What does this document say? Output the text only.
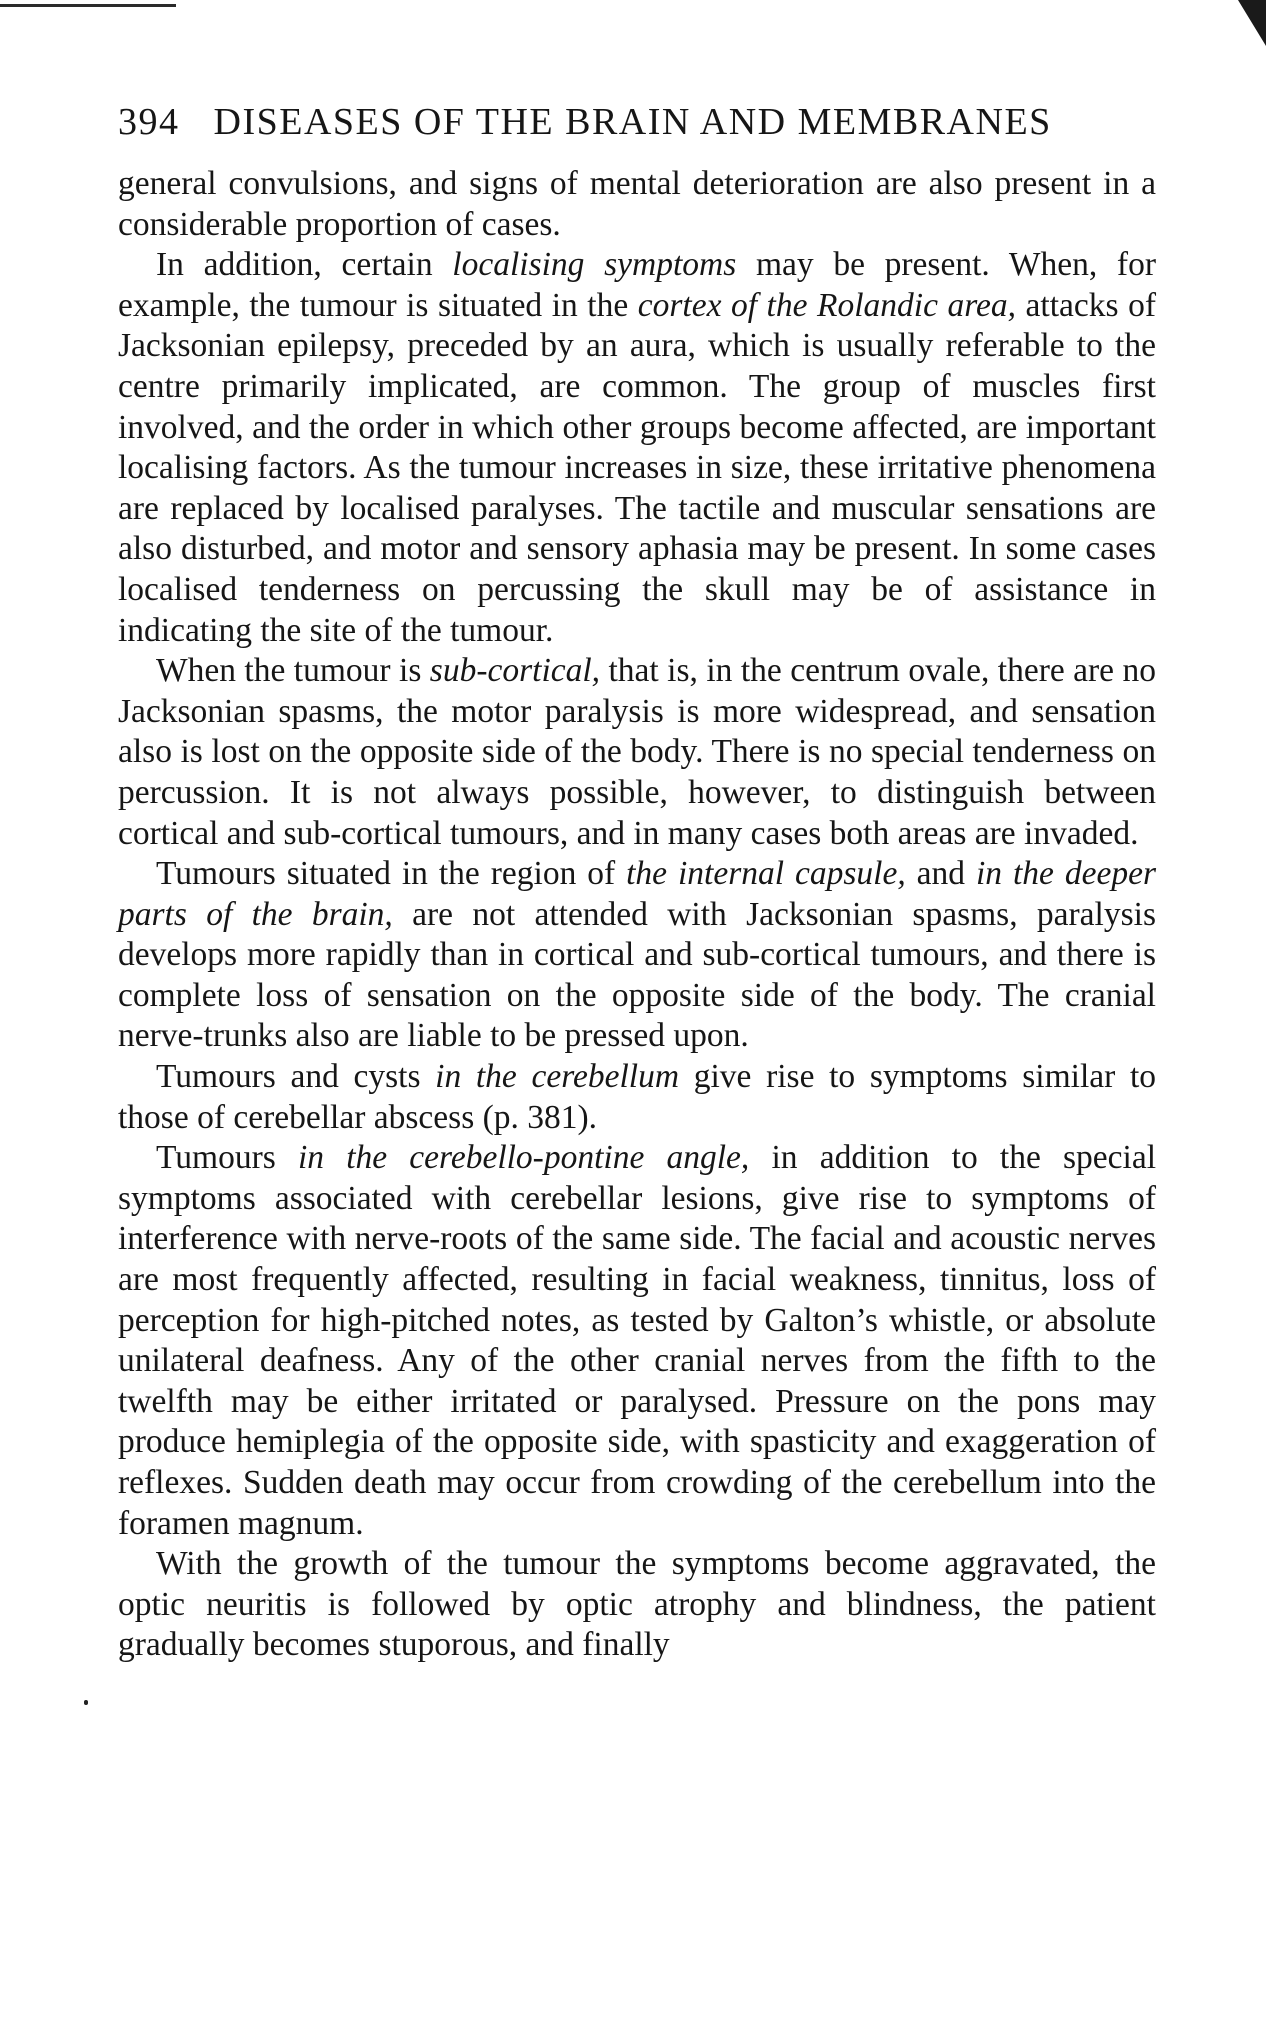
394 DISEASES OF THE BRAIN AND MEMBRANES

general convulsions, and signs of mental deterioration are also present in a considerable proportion of cases.

In addition, certain localising symptoms may be present. When, for example, the tumour is situated in the cortex of the Rolandic area, attacks of Jacksonian epilepsy, preceded by an aura, which is usually referable to the centre primarily implicated, are common. The group of muscles first involved, and the order in which other groups become affected, are important localising factors. As the tumour increases in size, these irritative phenomena are replaced by localised paralyses. The tactile and muscular sensations are also disturbed, and motor and sensory aphasia may be present. In some cases localised tenderness on percussing the skull may be of assistance in indicating the site of the tumour.

When the tumour is sub-cortical, that is, in the centrum ovale, there are no Jacksonian spasms, the motor paralysis is more widespread, and sensation also is lost on the opposite side of the body. There is no special tenderness on percussion. It is not always possible, however, to distinguish between cortical and sub-cortical tumours, and in many cases both areas are invaded.

Tumours situated in the region of the internal capsule, and in the deeper parts of the brain, are not attended with Jacksonian spasms, paralysis develops more rapidly than in cortical and sub-cortical tumours, and there is complete loss of sensation on the opposite side of the body. The cranial nerve-trunks also are liable to be pressed upon.

Tumours and cysts in the cerebellum give rise to symptoms similar to those of cerebellar abscess (p. 381).

Tumours in the cerebello-pontine angle, in addition to the special symptoms associated with cerebellar lesions, give rise to symptoms of interference with nerve-roots of the same side. The facial and acoustic nerves are most frequently affected, resulting in facial weakness, tinnitus, loss of perception for high-pitched notes, as tested by Galton’s whistle, or absolute unilateral deafness. Any of the other cranial nerves from the fifth to the twelfth may be either irritated or paralysed. Pressure on the pons may produce hemiplegia of the opposite side, with spasticity and exaggeration of reflexes. Sudden death may occur from crowding of the cerebellum into the foramen magnum.

With the growth of the tumour the symptoms become aggravated, the optic neuritis is followed by optic atrophy and blindness, the patient gradually becomes stuporous, and finally
